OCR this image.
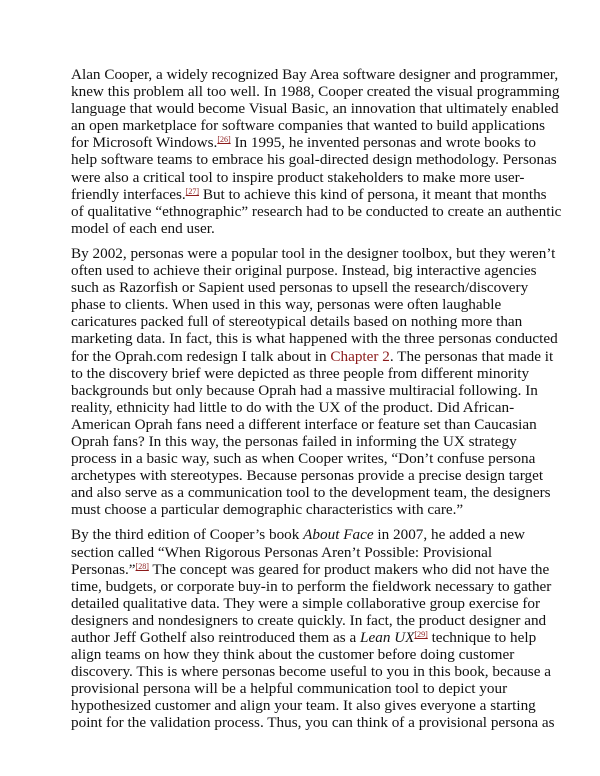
Alan Cooper, a widely recognized Bay Area software designer and programmer,
knew this problem all too well. In 1988, Cooper created the visual programming
language that would become Visual Basic, an innovation that ultimately enabled
an open marketplace for software companies that wanted to build applications
for Microsoft Windows.[26] In 1995, he invented personas and wrote books to
help software teams to embrace his goal-directed design methodology. Personas
were also a critical tool to inspire product stakeholders to make more user-
friendly interfaces.[27] But to achieve this kind of persona, it meant that months
of qualitative “ethnographic” research had to be conducted to create an authentic
model of each end user.

By 2002, personas were a popular tool in the designer toolbox, but they weren’t
often used to achieve their original purpose. Instead, big interactive agencies
such as Razorfish or Sapient used personas to upsell the research/discovery
phase to clients. When used in this way, personas were often laughable
caricatures packed full of stereotypical details based on nothing more than
marketing data. In fact, this is what happened with the three personas conducted
for the Oprah.com redesign I talk about in Chapter 2. The personas that made it
to the discovery brief were depicted as three people from different minority
backgrounds but only because Oprah had a massive multiracial following. In
reality, ethnicity had little to do with the UX of the product. Did African-
American Oprah fans need a different interface or feature set than Caucasian
Oprah fans? In this way, the personas failed in informing the UX strategy
process in a basic way, such as when Cooper writes, “Don’t confuse persona
archetypes with stereotypes. Because personas provide a precise design target
and also serve as a communication tool to the development team, the designers
must choose a particular demographic characteristics with care.”

By the third edition of Cooper’s book About Face in 2007, he added a new
section called “When Rigorous Personas Aren’t Possible: Provisional
Personas.”[28] The concept was geared for product makers who did not have the
time, budgets, or corporate buy-in to perform the fieldwork necessary to gather
detailed qualitative data. They were a simple collaborative group exercise for
designers and nondesigners to create quickly. In fact, the product designer and
author Jeff Gothelf also reintroduced them as a Lean UX[29] technique to help
align teams on how they think about the customer before doing customer
discovery. This is where personas become useful to you in this book, because a
provisional persona will be a helpful communication tool to depict your
hypothesized customer and align your team. It also gives everyone a starting
point for the validation process. Thus, you can think of a provisional persona as
